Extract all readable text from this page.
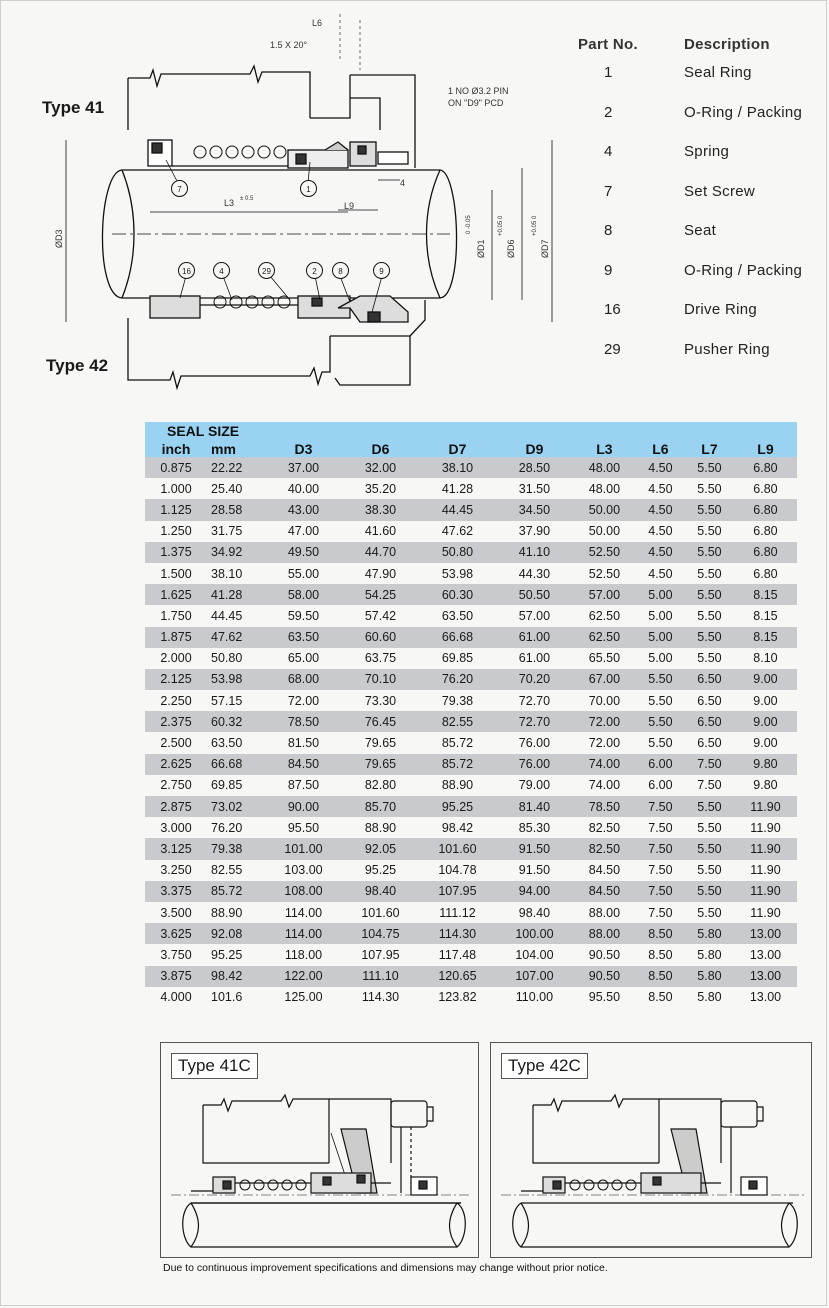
L6
1.5 X 20°
1 NO Ø3.2 PIN
ON "D9" PCD
Type 41
Type 42
L3 ± 0.5
L9
4
ØD3
ØD1
0 -0.05
ØD6
+0.05 0
ØD7
+0.05 0
7	1
16	4	29	2	8	9
Part No.	Description
1	Seal Ring
2	O-Ring / Packing
4	Spring
7	Set Screw
8	Seat
9	O-Ring / Packing
16	Drive Ring
29	Pusher Ring
SEAL SIZE									
inch	mm	D3	D6	D7	D9	L3	L6	L7	L9
0.875	22.22	37.00	32.00	38.10	28.50	48.00	4.50	5.50	6.80
1.000	25.40	40.00	35.20	41.28	31.50	48.00	4.50	5.50	6.80
1.125	28.58	43.00	38.30	44.45	34.50	50.00	4.50	5.50	6.80
1.250	31.75	47.00	41.60	47.62	37.90	50.00	4.50	5.50	6.80
1.375	34.92	49.50	44.70	50.80	41.10	52.50	4.50	5.50	6.80
1.500	38.10	55.00	47.90	53.98	44.30	52.50	4.50	5.50	6.80
1.625	41.28	58.00	54.25	60.30	50.50	57.00	5.00	5.50	8.15
1.750	44.45	59.50	57.42	63.50	57.00	62.50	5.00	5.50	8.15
1.875	47.62	63.50	60.60	66.68	61.00	62.50	5.00	5.50	8.15
2.000	50.80	65.00	63.75	69.85	61.00	65.50	5.00	5.50	8.10
2.125	53.98	68.00	70.10	76.20	70.20	67.00	5.50	6.50	9.00
2.250	57.15	72.00	73.30	79.38	72.70	70.00	5.50	6.50	9.00
2.375	60.32	78.50	76.45	82.55	72.70	72.00	5.50	6.50	9.00
2.500	63.50	81.50	79.65	85.72	76.00	72.00	5.50	6.50	9.00
2.625	66.68	84.50	79.65	85.72	76.00	74.00	6.00	7.50	9.80
2.750	69.85	87.50	82.80	88.90	79.00	74.00	6.00	7.50	9.80
2.875	73.02	90.00	85.70	95.25	81.40	78.50	7.50	5.50	11.90
3.000	76.20	95.50	88.90	98.42	85.30	82.50	7.50	5.50	11.90
3.125	79.38	101.00	92.05	101.60	91.50	82.50	7.50	5.50	11.90
3.250	82.55	103.00	95.25	104.78	91.50	84.50	7.50	5.50	11.90
3.375	85.72	108.00	98.40	107.95	94.00	84.50	7.50	5.50	11.90
3.500	88.90	114.00	101.60	111.12	98.40	88.00	7.50	5.50	11.90
3.625	92.08	114.00	104.75	114.30	100.00	88.00	8.50	5.80	13.00
3.750	95.25	118.00	107.95	117.48	104.00	90.50	8.50	5.80	13.00
3.875	98.42	122.00	111.10	120.65	107.00	90.50	8.50	5.80	13.00
4.000	101.6	125.00	114.30	123.82	110.00	95.50	8.50	5.80	13.00
Type 41C	Type 42C
Due to continuous improvement specifications and dimensions may change without prior notice.
